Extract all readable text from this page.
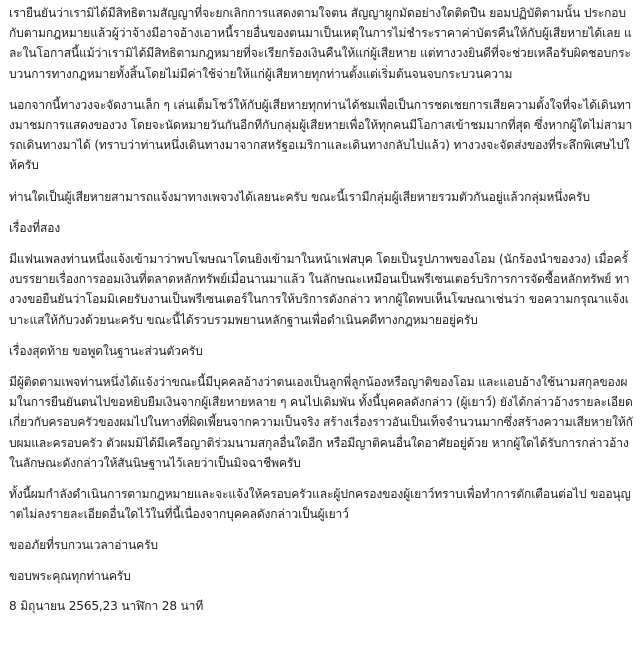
เรายืนยันว่าเรามิได้มีสิทธิตามสัญญาที่จะยกเลิกการแสดงตามใจตน สัญญาผูกมัดอย่างใดติดปืน ยอมปฏิบัติตามนั้น ประกอบกับตามกฎหมายแล้วผู้ว่าจ้างมีอาจอ้างเอาหนี้รายอื่นของตนมาเป็นเหตุในการไม่ชำระราคาค่าบัตรคืนให้กับผู้เสียหายได้เลย และในโอกาสนี้แม้ว่าเรามิได้มีสิทธิตามกฎหมายที่จะเรียกร้องเงินคืนให้แก่ผู้เสียหาย แต่ทางวงยินดีที่จะช่วยเหลือรับผิดชอบกระบวนการทางกฎหมายทั้งสิ้นโดยไม่มีค่าใช้จ่ายให้แก่ผู้เสียหายทุกท่านตั้งแต่เริ่มต้นจนจบกระบวนความ

นอกจากนี้ทางวงจะจัดงานเล็ก ๆ เล่นเต็มโชว์ให้กับผู้เสียหายทุกท่านได้ชมเพื่อเป็นการชดเชยการเสียความตั้งใจที่จะได้เดินทางมาชมการแสดงของวง โดยจะนัดหมายวันกันอีกทีกับกลุ่มผู้เสียหายเพื่อให้ทุกคนมีโอกาสเข้าชมมากที่สุด ซึ่งหากผู้ใดไม่สามารถเดินทางมาได้ (ทราบว่าท่านหนึ่งเดินทางมาจากสหรัฐอเมริกาและเดินทางกลับไปแล้ว) ทางวงจะจัดส่งของที่ระลึกพิเศษไปให้ครับ

ท่านใดเป็นผู้เสียหายสามารถแจ้งมาทางเพจวงได้เลยนะครับ ขณะนี้เรามีกลุ่มผู้เสียหายรวมตัวกันอยู่แล้วกลุ่มหนึ่งครับ

เรื่องที่สอง

มีแฟนเพลงท่านหนึ่งแจ้งเข้ามาว่าพบโฆษณาโดนยิงเข้ามาในหน้าเฟสบุค โดยเป็นรูปภาพของโอม (นักร้องนำของวง) เมื่อครั้งบรรยายเรื่องการออมเงินที่ตลาดหลักทรัพย์เมื่อนานมาแล้ว ในลักษณะเหมือนเป็นพรีเซนเตอร์บริการการจัดซื้อหลักทรัพย์ ทางวงขอยืนยันว่าโอมมิเคยรับงานเป็นพรีเซนเตอร์ในการให้บริการดังกล่าว หากผู้ใดพบเห็นโฆษณาเช่นว่า ขอความกรุณาแจ้งเบาะแสให้กับวงด้วยนะครับ ขณะนี้ได้รวบรวมพยานหลักฐานเพื่อดำเนินคดีทางกฎหมายอยู่ครับ

เรื่องสุดท้าย ขอพูดในฐานะส่วนตัวครับ

มีผู้ติดตามเพจท่านหนึ่งได้แจ้งว่าขณะนี้มีบุคคลอ้างว่าตนเองเป็นลูกพี่ลูกน้องหรือญาติของโอม และแอบอ้างใช้นามสกุลของผมในการยืนยันตนไปขอหยิบยืมเงินจากผู้เสียหายหลาย ๆ คนไปเดิมพัน ทั้งนี้บุคคลดังกล่าว (ผู้เยาว์) ยังได้กล่าวอ้างรายละเอียดเกี่ยวกับครอบครัวของผมไปในทางที่ผิดเพี้ยนจากความเป็นจริง สร้างเรื่องราวอันเป็นเท็จจำนวนมากซึ่งสร้างความเสียหายให้กับผมและครอบครัว ตัวผมมิได้มีเครือญาติร่วมนามสกุลอื่นใดอีก หรือมีญาติคนอื่นใดอาศัยอยู่ด้วย หากผู้ใดได้รับการกล่าวอ้างในลักษณะดังกล่าวให้สันนิษฐานไว้เลยว่าเป็นมิจฉาชีพครับ

ทั้งนี้ผมกำลังดำเนินการตามกฎหมายและจะแจ้งให้ครอบครัวและผู้ปกครองของผู้เยาว์ทราบเพื่อทำการตักเตือนต่อไป ขออนุญาตไม่ลงรายละเอียดอื่นใดไว้ในที่นี้เนื่องจากบุคคลดังกล่าวเป็นผู้เยาว์

ขออภัยที่รบกวนเวลาอ่านครับ

ขอบพระคุณทุกท่านครับ

8 มิถุนายน 2565,23 นาฬิกา 28 นาที
